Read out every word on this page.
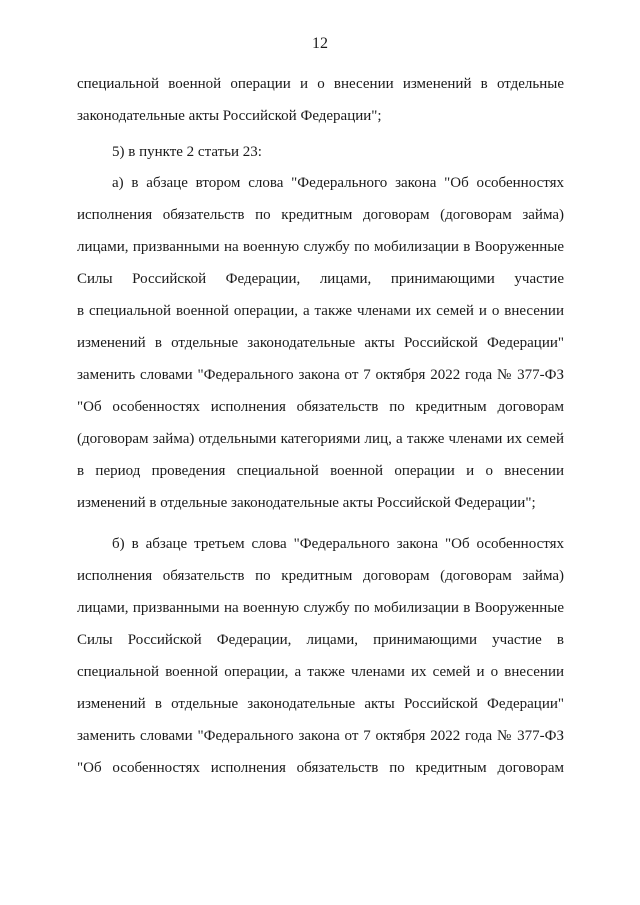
12
специальной военной операции и о внесении изменений в отдельные
законодательные акты Российской Федерации";
5) в пункте 2 статьи 23:
а) в абзаце втором слова "Федерального закона "Об особенностях
исполнения обязательств по кредитным договорам (договорам займа)
лицами, призванными на военную службу по мобилизации в Вооруженные
Силы Российской Федерации, лицами, принимающими участие
в специальной военной операции, а также членами их семей и о внесении
изменений в отдельные законодательные акты Российской Федерации"
заменить словами "Федерального закона от 7 октября 2022 года № 377-ФЗ
"Об особенностях исполнения обязательств по кредитным договорам
(договорам займа) отдельными категориями лиц, а также членами их семей
в период проведения специальной военной операции и о внесении
изменений в отдельные законодательные акты Российской Федерации";
б) в абзаце третьем слова "Федерального закона "Об особенностях
исполнения обязательств по кредитным договорам (договорам займа)
лицами, призванными на военную службу по мобилизации в Вооруженные
Силы Российской Федерации, лицами, принимающими участие в
специальной военной операции, а также членами их семей и о внесении
изменений в отдельные законодательные акты Российской Федерации"
заменить словами "Федерального закона от 7 октября 2022 года № 377-ФЗ
"Об особенностях исполнения обязательств по кредитным договорам
